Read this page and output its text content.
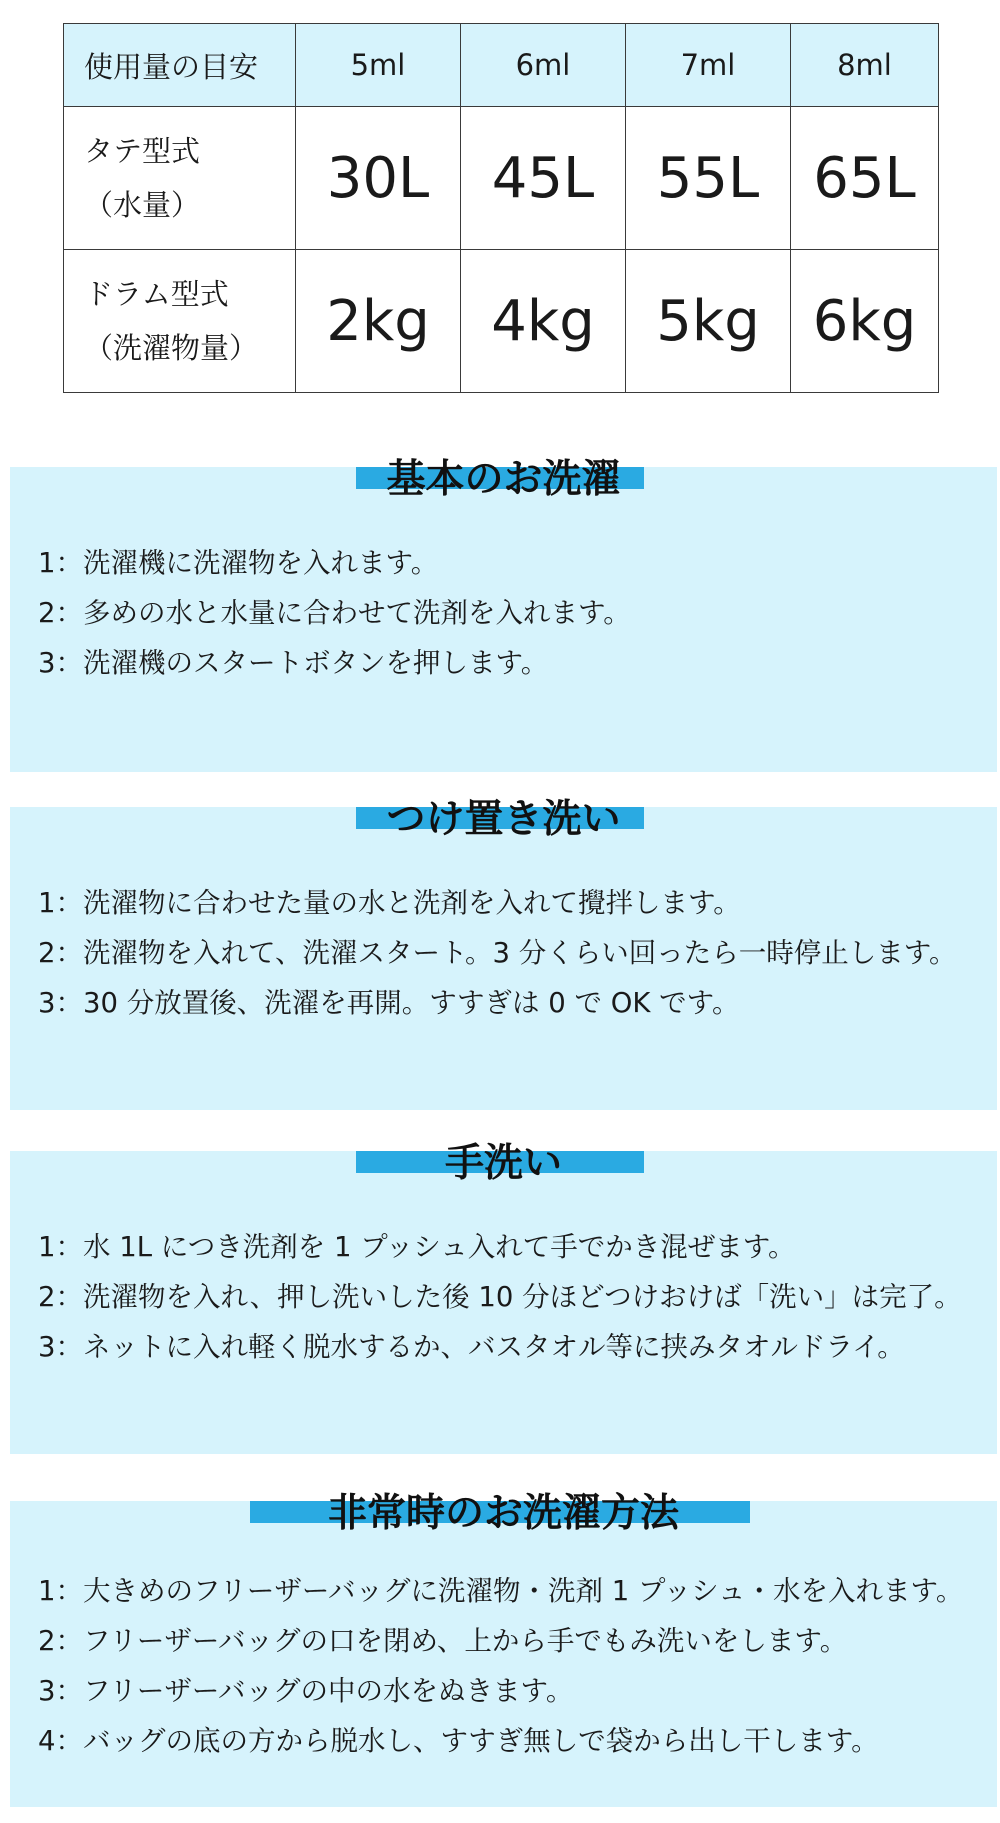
使用量の目安	5ml	6ml	7ml	8ml

タテ型式
（水量）	30L	45L	55L	65L

ドラム型式
（洗濯物量）	2kg	4kg	5kg	6kg
基本のお洗濯
1：洗濯機に洗濯物を入れます。
2：多めの水と水量に合わせて洗剤を入れます。
3：洗濯機のスタートボタンを押します。
つけ置き洗い
1：洗濯物に合わせた量の水と洗剤を入れて攪拌します。
2：洗濯物を入れて、洗濯スタート。3 分くらい回ったら一時停止します。
3：30 分放置後、洗濯を再開。すすぎは 0 で OK です。
手洗い
1：水 1L につき洗剤を 1 プッシュ入れて手でかき混ぜます。
2：洗濯物を入れ、押し洗いした後 10 分ほどつけおけば「洗い」は完了。
3：ネットに入れ軽く脱水するか、バスタオル等に挟みタオルドライ。
非常時のお洗濯方法
1：大きめのフリーザーバッグに洗濯物・洗剤 1 プッシュ・水を入れます。
2：フリーザーバッグの口を閉め、上から手でもみ洗いをします。
3：フリーザーバッグの中の水をぬきます。
4：バッグの底の方から脱水し、すすぎ無しで袋から出し干します。
